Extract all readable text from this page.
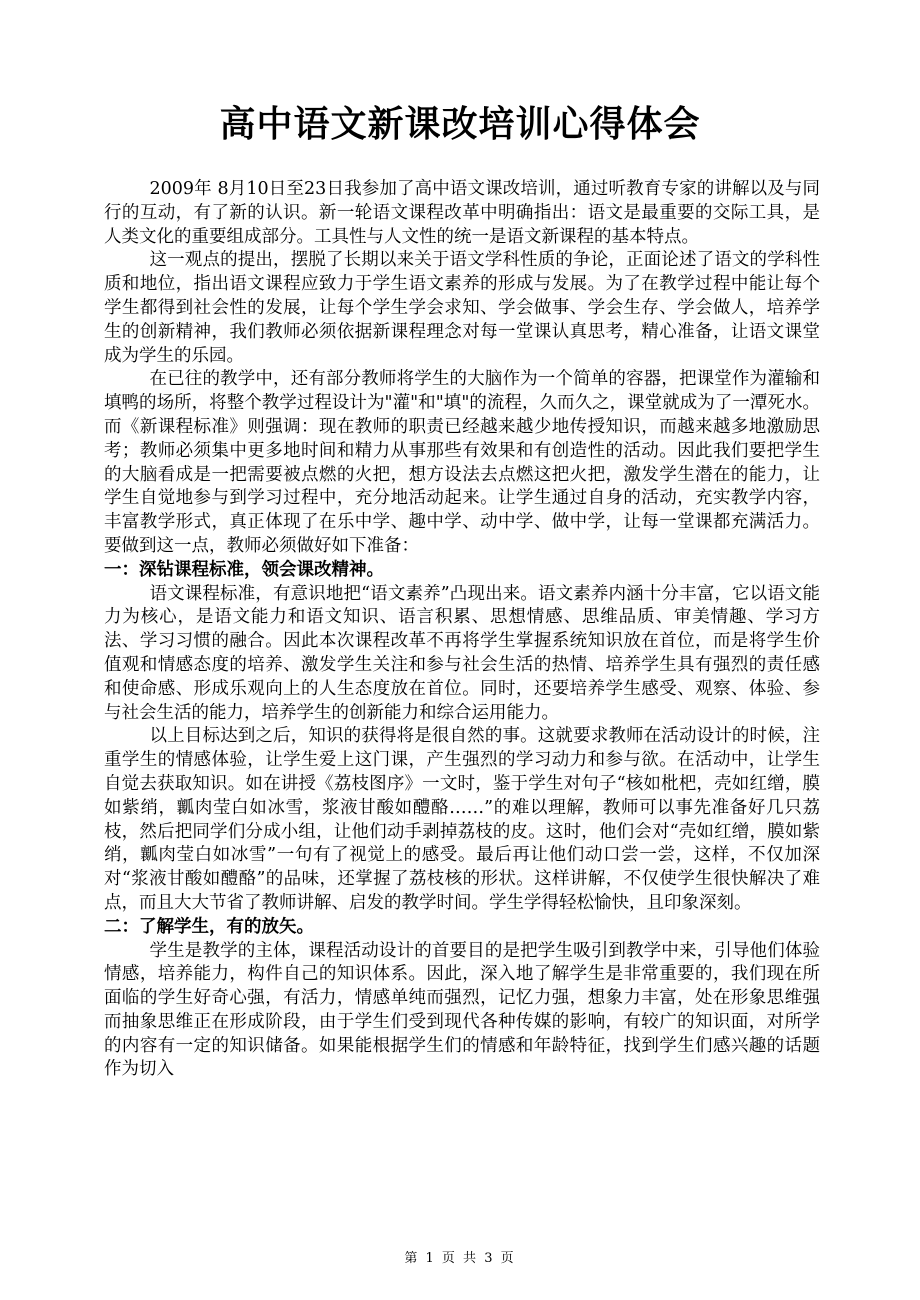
高中语文新课改培训心得体会

2009年 8月10日至23日我参加了高中语文课改培训，通过听教育专家的讲解以及与同行的互动，有了新的认识。新一轮语文课程改革中明确指出：语文是最重要的交际工具，是人类文化的重要组成部分。工具性与人文性的统一是语文新课程的基本特点。

这一观点的提出，摆脱了长期以来关于语文学科性质的争论，正面论述了语文的学科性质和地位，指出语文课程应致力于学生语文素养的形成与发展。为了在教学过程中能让每个学生都得到社会性的发展，让每个学生学会求知、学会做事、学会生存、学会做人，培养学生的创新精神，我们教师必须依据新课程理念对每一堂课认真思考，精心准备，让语文课堂成为学生的乐园。

在已往的教学中，还有部分教师将学生的大脑作为一个简单的容器，把课堂作为灌输和填鸭的场所，将整个教学过程设计为"灌"和"填"的流程，久而久之，课堂就成为了一潭死水。而《新课程标准》则强调：现在教师的职责已经越来越少地传授知识，而越来越多地激励思考；教师必须集中更多地时间和精力从事那些有效果和有创造性的活动。因此我们要把学生的大脑看成是一把需要被点燃的火把，想方设法去点燃这把火把，激发学生潜在的能力，让学生自觉地参与到学习过程中，充分地活动起来。让学生通过自身的活动，充实教学内容，丰富教学形式，真正体现了在乐中学、趣中学、动中学、做中学，让每一堂课都充满活力。要做到这一点，教师必须做好如下准备：

一：深钻课程标准，领会课改精神。

语文课程标准，有意识地把“语文素养”凸现出来。语文素养内涵十分丰富，它以语文能力为核心，是语文能力和语文知识、语言积累、思想情感、思维品质、审美情趣、学习方法、学习习惯的融合。因此本次课程改革不再将学生掌握系统知识放在首位，而是将学生价值观和情感态度的培养、激发学生关注和参与社会生活的热情、培养学生具有强烈的责任感和使命感、形成乐观向上的人生态度放在首位。同时，还要培养学生感受、观察、体验、参与社会生活的能力，培养学生的创新能力和综合运用能力。

以上目标达到之后，知识的获得将是很自然的事。这就要求教师在活动设计的时候，注重学生的情感体验，让学生爱上这门课，产生强烈的学习动力和参与欲。在活动中，让学生自觉去获取知识。如在讲授《荔枝图序》一文时，鉴于学生对句子“核如枇杷，壳如红缯，膜如紫绡，瓤肉莹白如冰雪，浆液甘酸如醴酪……”的难以理解，教师可以事先准备好几只荔枝，然后把同学们分成小组，让他们动手剥掉荔枝的皮。这时，他们会对“壳如红缯，膜如紫绡，瓤肉莹白如冰雪”一句有了视觉上的感受。最后再让他们动口尝一尝，这样，不仅加深对“浆液甘酸如醴酪”的品味，还掌握了荔枝核的形状。这样讲解，不仅使学生很快解决了难点，而且大大节省了教师讲解、启发的教学时间。学生学得轻松愉快，且印象深刻。

二：了解学生，有的放矢。

学生是教学的主体，课程活动设计的首要目的是把学生吸引到教学中来，引导他们体验情感，培养能力，构件自己的知识体系。因此，深入地了解学生是非常重要的，我们现在所面临的学生好奇心强，有活力，情感单纯而强烈，记忆力强，想象力丰富，处在形象思维强而抽象思维正在形成阶段，由于学生们受到现代各种传媒的影响，有较广的知识面，对所学的内容有一定的知识储备。如果能根据学生们的情感和年龄特征，找到学生们感兴趣的话题作为切入

第 1 页 共 3 页
